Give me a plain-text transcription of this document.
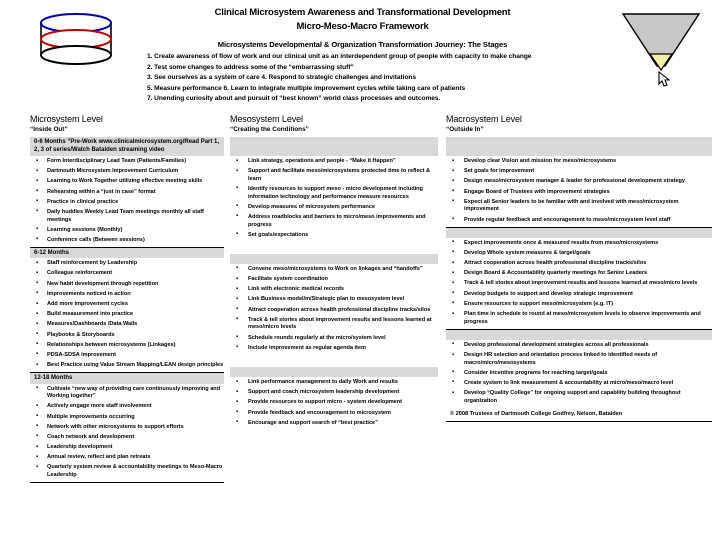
Clinical Microsystem Awareness and Transformational Development
Micro-Meso-Macro Framework
Microsystems Developmental & Organization Transformation Journey: The Stages
1. Create awareness of flow of work and our clinical unit as an interdependent group of people with capacity to make change
2. Test some changes to address some of the “embarrassing stuff”
3. See ourselves as a system of care 4. Respond to strategic challenges and invitations
5. Measure performance 6. Learn to integrate multiple improvement cycles while taking care of patients
7. Unending curiosity about and pursuit of “best known” world class processes and outcomes.
Microsystem Level
“Inside Out”
0-6 Months “Pre-Work www.clinicalmicrosystem.org/Read Part 1, 2, 3 of series/Watch Batalden streaming video
▪ Form Interdisciplinary Lead Team (Patients/Families)
▪ Dartmouth Microsystem Improvement Curriculum
▪ Learning to Work Together utilizing effective meeting skills
▪ Rehearsing within a “just in case” format
▪ Practice in clinical practice
▪ Daily huddles Weekly Lead Team meetings monthly all staff meetings
▪ Learning sessions (Monthly)
▪ Conference calls (Between sessions)
6-12 Months
▪ Staff reinforcement by Leadership
▪ Colleague reinforcement
▪ New habit development through repetition
▪ Improvements noticed in action
▪ Add more improvement cycles
▪ Build measurement into practice
▪ Measures/Dashboards /Data Walls
▪ Playbooks & Storyboards
▪ Relationships between microsystems (Linkages)
▪ PDSA-SDSA improvement
▪ Best Practice using Value Stream Mapping/LEAN design principles
12-18 Months
▪ Cultivate “new way of providing care continuously improving and Working together”
▪ Actively engage more staff involvement
▪ Multiple improvements occurring
▪ Network with other microsystems to support efforts
▪ Coach network and development
▪ Leadership development
▪ Annual review, reflect and plan retreats
▪ Quarterly system review & accountability meetings to Meso-Macro Leadership
Mesosystem Level
“Creating the Conditions”
▪ Link strategy, operations and people - “Make it Happen”
▪ Support and facilitate meso/microsystems protected time to reflect & learn
▪ Identify resources to support meso - micro development including information technology and performance measure resources
▪ Develop measures of microsystem performance
▪ Address roadblocks and barriers to micro/meso improvements and progress
▪ Set goals/expectations
▪ Convene meso/microsystems to Work on linkages and “handoffs”
▪ Facilitate system coordination
▪ Link with electronic medical records
▪ Link Business model/m/Strategic plan to mesosystem level
▪ Attract cooperation across health professional discipline tracks/silos
▪ Track & tell stories about improvement results and lessons learned at meso/micro levels
▪ Schedule rounds regularly at the micro/system level
▪ Include improvement as regular agenda item
▪ Link performance management to daily Work and results
▪ Support and coach microsystem leadership development
▪ Provide resources to support micro - system development
▪ Provide feedback and encouragement to microsystem
▪ Encourage and support search of “best practice”
Macrosystem Level
“Outside In”
▪ Develop clear Vision and mission for meso/microsystems
▪ Set goals for improvement
▪ Design meso/microsystem manager & leader for professional development strategy
▪ Engage Board of Trustees with improvement strategies
▪ Expect all Senior leaders to be familiar with and involved with meso/microsystem improvement
▪ Provide regular feedback and encouragement to meso/microsystem level staff
▪ Expect improvements once & measured results from meso/microsystems
▪ Develop Whole system measures & target/goals
▪ Attract cooperation across health professional discipline tracks/silos
▪ Design Board & Accountability quarterly meetings for Senior Leaders
▪ Track & tell stories about improvement results and lessons learned at meso/micro levels
▪ Develop budgets to support and develop strategic improvement
▪ Ensure resources to support meso/microsystem (e.g. IT)
▪ Plan time in schedule to round at meso/microsystem levels to observe improvements and progress
▪ Develop professional development strategies across all professionals
▪ Design HR selection and orientation process linked to identified needs of macro/micro/mesosystems
▪ Consider incentive programs for reaching target/goals
▪ Create system to link measurement & accountability at micro/meso/macro level
▪ Develop “Quality College” for ongoing support and capability building throughout organization
© 2008 Trustees of Dartmouth College Godfrey, Nelson, Batalden
